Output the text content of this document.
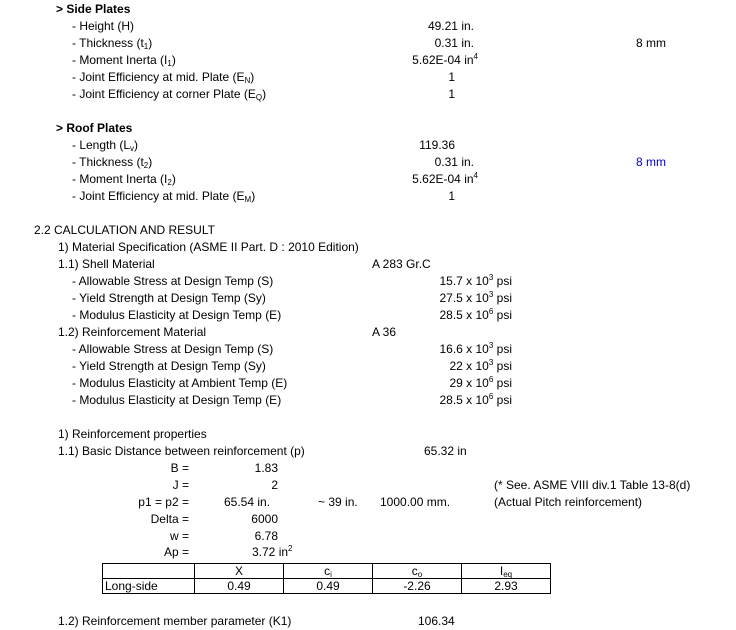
> Side Plates
- Height (H)	49.21 in.
- Thickness $(t_1)$	0.31 in.	8 mm
- Moment Inerta $(I_1)$	5.62E-04 $in^4$
- Joint Efficiency at mid. Plate $(E_N)$	1
- Joint Efficiency at corner Plate $(E_Q)$	1
> Roof Plates
- Length $(L_v)$	119.36
- Thickness $(t_2)$	0.31 in.	8 mm
- Moment Inerta $(I_2)$	5.62E-04 $in^4$
- Joint Efficiency at mid. Plate $(E_M)$	1
2.2 CALCULATION AND RESULT
1) Material Specification (ASME II Part. D : 2010 Edition)
1.1) Shell Material	A 283 Gr.C
- Allowable Stress at Design Temp (S)	15.7 x $10^3$ psi
- Yield Strength at Design Temp (Sy)	27.5 x $10^3$ psi
- Modulus Elasticity at Design Temp (E)	28.5 x $10^6$ psi
1.2) Reinforcement Material	A 36
- Allowable Stress at Design Temp (S)	16.6 x $10^3$ psi
- Yield Strength at Design Temp (Sy)	22 x $10^3$ psi
- Modulus Elasticity at Ambient Temp (E)	29 x $10^6$ psi
- Modulus Elasticity at Design Temp (E)	28.5 x $10^6$ psi
1) Reinforcement properties
1.1) Basic Distance between reinforcement (p)	65.32 in
B =	1.83
J =	2	(* See. ASME VIII div.1 Table 13-8(d)
p1 = p2 =	65.54 in.	~ 39 in. 1000.00 mm.	(Actual Pitch reinforcement)
Delta =	6000
w =	6.78
Ap =	3.72 $in^2$
	X	$c_i$	$c_o$	$I_{eq}$
Long-side	0.49	0.49	-2.26	2.93
1.2) Reinforcement member parameter (K1)	106.34
